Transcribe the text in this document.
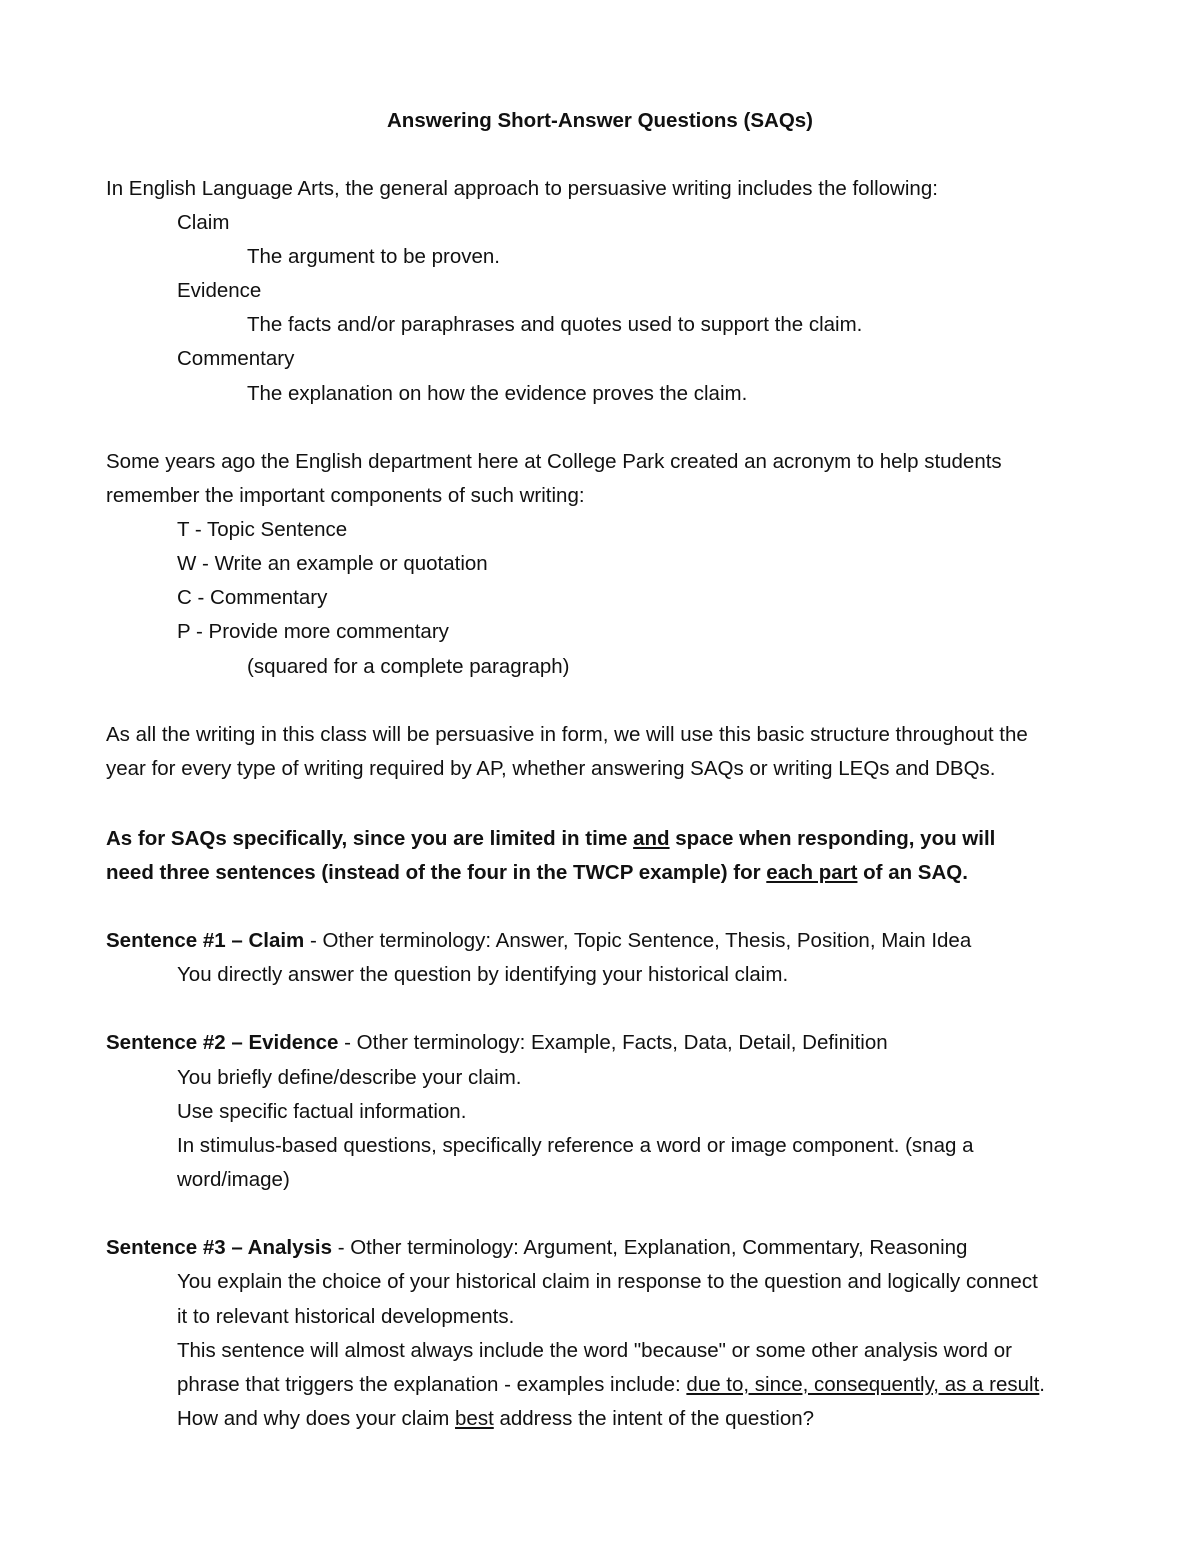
Answering Short-Answer Questions (SAQs)
In English Language Arts, the general approach to persuasive writing includes the following:
Claim
The argument to be proven.
Evidence
The facts and/or paraphrases and quotes used to support the claim.
Commentary
The explanation on how the evidence proves the claim.
Some years ago the English department here at College Park created an acronym to help students
remember the important components of such writing:
T - Topic Sentence
W - Write an example or quotation
C - Commentary
P - Provide more commentary
(squared for a complete paragraph)
As all the writing in this class will be persuasive in form, we will use this basic structure throughout the
year for every type of writing required by AP, whether answering SAQs or writing LEQs and DBQs.
As for SAQs specifically, since you are limited in time and space when responding, you will
need three sentences (instead of the four in the TWCP example) for each part of an SAQ.
Sentence #1 – Claim - Other terminology: Answer, Topic Sentence, Thesis, Position, Main Idea
You directly answer the question by identifying your historical claim.
Sentence #2 – Evidence - Other terminology: Example, Facts, Data, Detail, Definition
You briefly define/describe your claim.
Use specific factual information.
In stimulus-based questions, specifically reference a word or image component. (snag a
word/image)
Sentence #3 – Analysis - Other terminology: Argument, Explanation, Commentary, Reasoning
You explain the choice of your historical claim in response to the question and logically connect
it to relevant historical developments.
This sentence will almost always include the word "because" or some other analysis word or
phrase that triggers the explanation - examples include: due to, since, consequently, as a result.
How and why does your claim best address the intent of the question?
